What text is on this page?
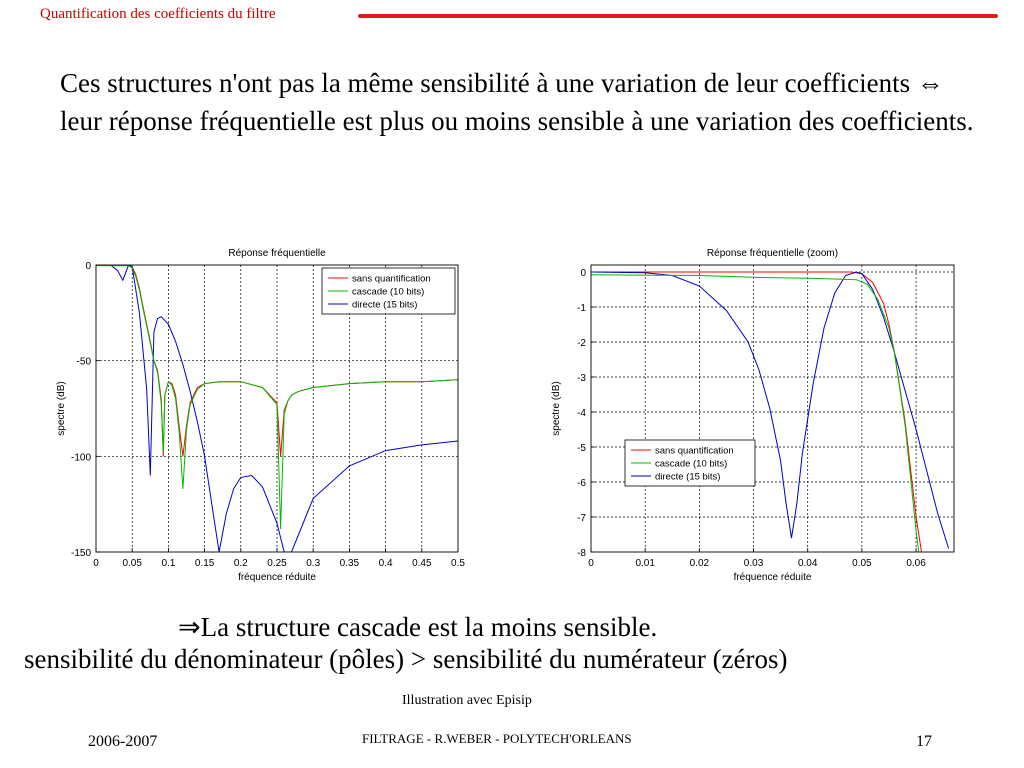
Quantification des coefficients du filtre
Ces structures n'ont pas la même sensibilité à une variation de leur coefficients ⇔ leur réponse fréquentielle est plus ou moins sensible à une variation des coefficients.
0 0.05 0.1 0.15 0.2 0.25 0.3 0.35 0.4 0.45 0.5
0
-50
-100
-150
Réponse fréquentielle
fréquence réduite
spectre (dB)
sans quantification
cascade (10 bits)
directe (15 bits)
0	0.01	0.02	0.03	0.04	0.05	0.06
0
-1
-2
-3
-4
-5
-6
-7
-8
Réponse fréquentielle (zoom)
fréquence réduite
spectre (dB)
sans quantification
cascade (10 bits)
directe (15 bits)
⇒La structure cascade est la moins sensible.
sensibilité du dénominateur (pôles) > sensibilité du numérateur (zéros)
Illustration avec Episip
2006-2007	FILTRAGE - R.WEBER - POLYTECH'ORLEANS	17
